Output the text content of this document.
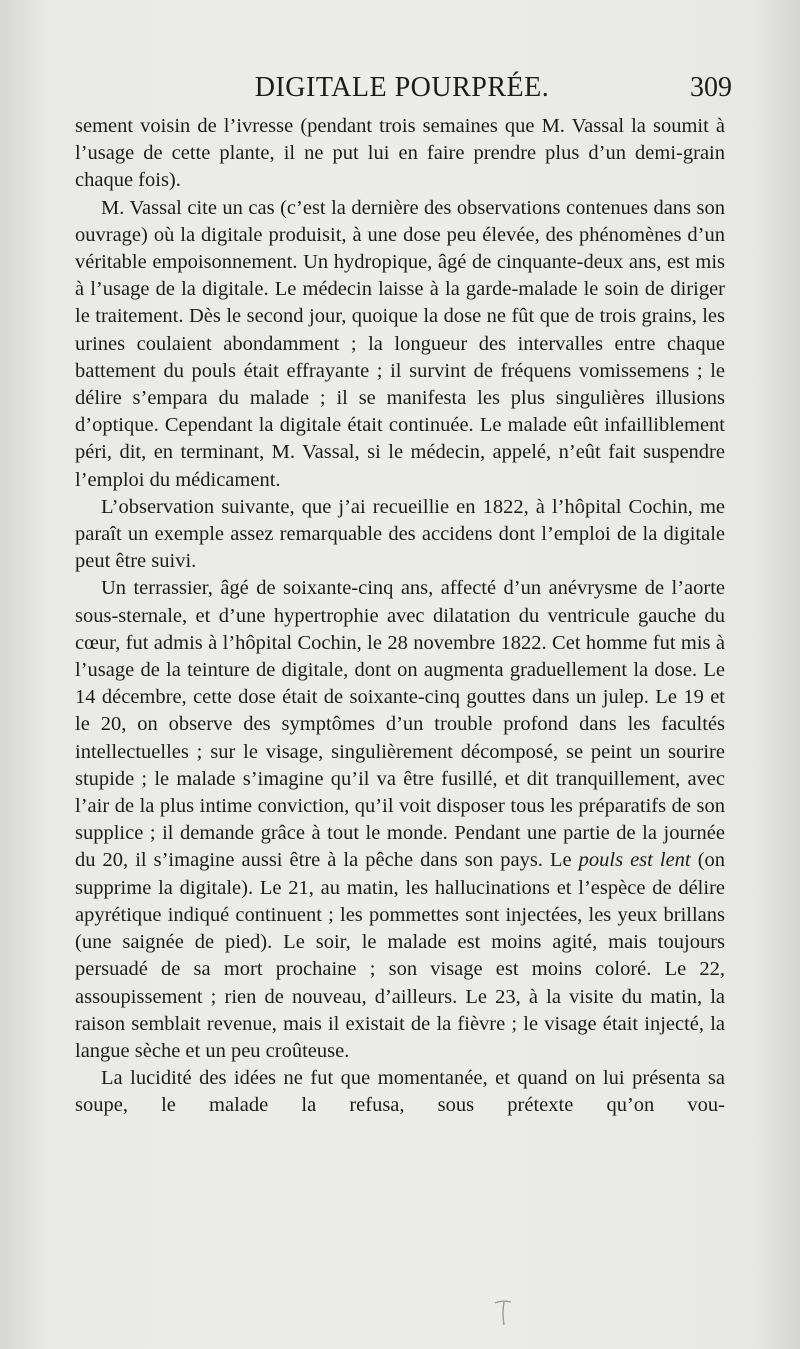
DIGITALE POURPRÉE.	309

sement voisin de l’ivresse (pendant trois semaines que M. Vassal la soumit à l’usage de cette plante, il ne put lui en faire prendre plus d’un demi-grain chaque fois).

M. Vassal cite un cas (c’est la dernière des observations contenues dans son ouvrage) où la digitale produisit, à une dose peu élevée, des phénomènes d’un véritable empoisonnement. Un hydropique, âgé de cinquante-deux ans, est mis à l’usage de la digitale. Le médecin laisse à la garde-malade le soin de diriger le traitement. Dès le second jour, quoique la dose ne fût que de trois grains, les urines coulaient abondamment ; la longueur des intervalles entre chaque battement du pouls était effrayante ; il survint de fréquens vomissemens ; le délire s’empara du malade ; il se manifesta les plus singulières illusions d’optique. Cependant la digitale était continuée. Le malade eût infailliblement péri, dit, en terminant, M. Vassal, si le médecin, appelé, n’eût fait suspendre l’emploi du médicament.

L’observation suivante, que j’ai recueillie en 1822, à l’hôpital Cochin, me paraît un exemple assez remarquable des accidens dont l’emploi de la digitale peut être suivi.

Un terrassier, âgé de soixante-cinq ans, affecté d’un anévrysme de l’aorte sous-sternale, et d’une hypertrophie avec dilatation du ventricule gauche du cœur, fut admis à l’hôpital Cochin, le 28 novembre 1822. Cet homme fut mis à l’usage de la teinture de digitale, dont on augmenta graduellement la dose. Le 14 décembre, cette dose était de soixante-cinq gouttes dans un julep. Le 19 et le 20, on observe des symptômes d’un trouble profond dans les facultés intellectuelles ; sur le visage, singulièrement décomposé, se peint un sourire stupide ; le malade s’imagine qu’il va être fusillé, et dit tranquillement, avec l’air de la plus intime conviction, qu’il voit disposer tous les préparatifs de son supplice ; il demande grâce à tout le monde. Pendant une partie de la journée du 20, il s’imagine aussi être à la pêche dans son pays. Le pouls est lent (on supprime la digitale). Le 21, au matin, les hallucinations et l’espèce de délire apyrétique indiqué continuent ; les pommettes sont injectées, les yeux brillans (une saignée de pied). Le soir, le malade est moins agité, mais toujours persuadé de sa mort prochaine ; son visage est moins coloré. Le 22, assoupissement ; rien de nouveau, d’ailleurs. Le 23, à la visite du matin, la raison semblait revenue, mais il existait de la fièvre ; le visage était injecté, la langue sèche et un peu croûteuse.

La lucidité des idées ne fut que momentanée, et quand on lui présenta sa soupe, le malade la refusa, sous prétexte qu’on vou-
